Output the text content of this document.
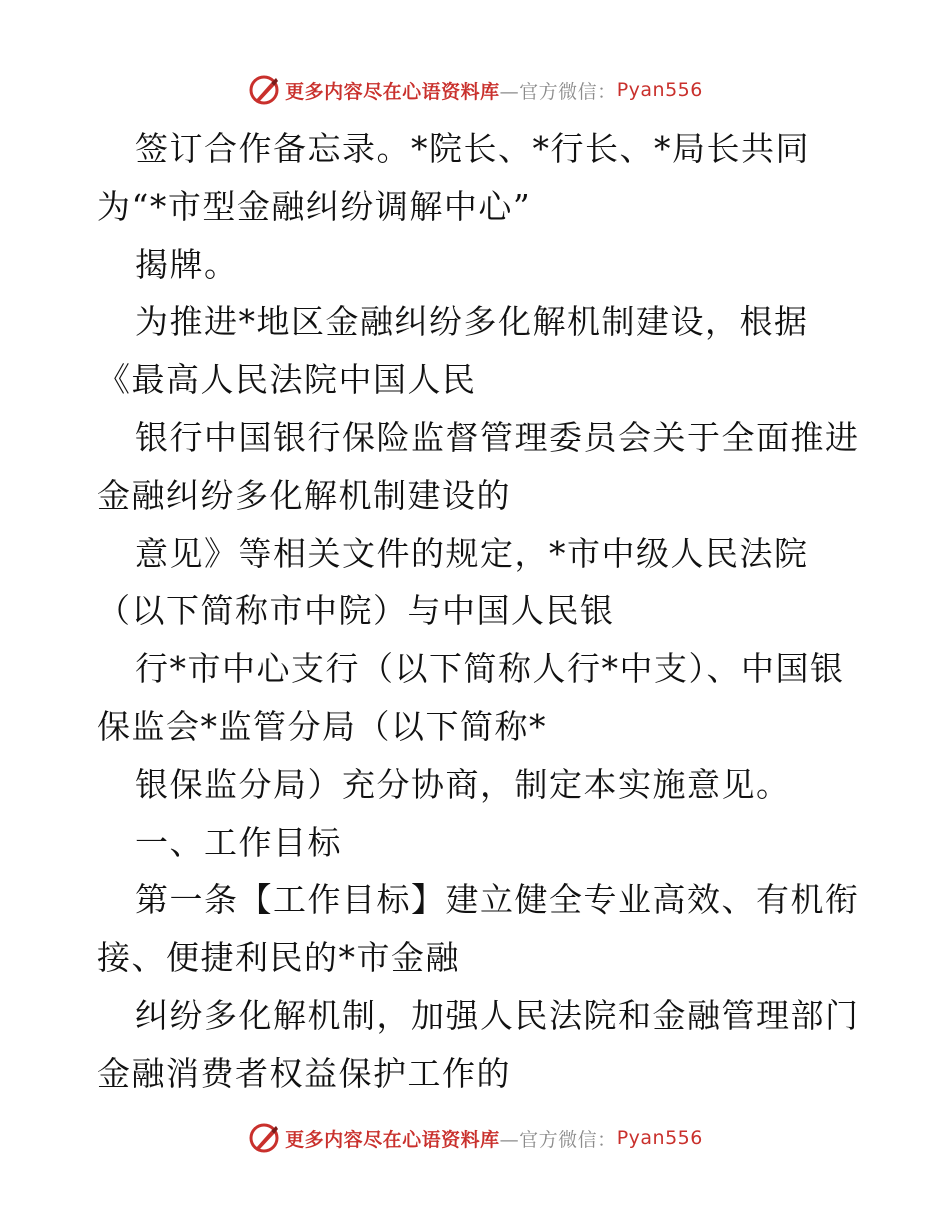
更多内容尽在心语资料库 —官方微信： Pyan556
签订合作备忘录。*院长、*行长、*局长共同
为“*市型金融纠纷调解中心”
揭牌。
为推进*地区金融纠纷多化解机制建设，根据
《最高人民法院中国人民
银行中国银行保险监督管理委员会关于全面推进
金融纠纷多化解机制建设的
意见》等相关文件的规定，*市中级人民法院
（以下简称市中院）与中国人民银
行*市中心支行（以下简称人行*中支）、中国银
保监会*监管分局（以下简称*
银保监分局）充分协商，制定本实施意见。
一、工作目标
第一条【工作目标】建立健全专业高效、有机衔
接、便捷利民的*市金融
纠纷多化解机制，加强人民法院和金融管理部门
金融消费者权益保护工作的
更多内容尽在心语资料库 —官方微信： Pyan556
